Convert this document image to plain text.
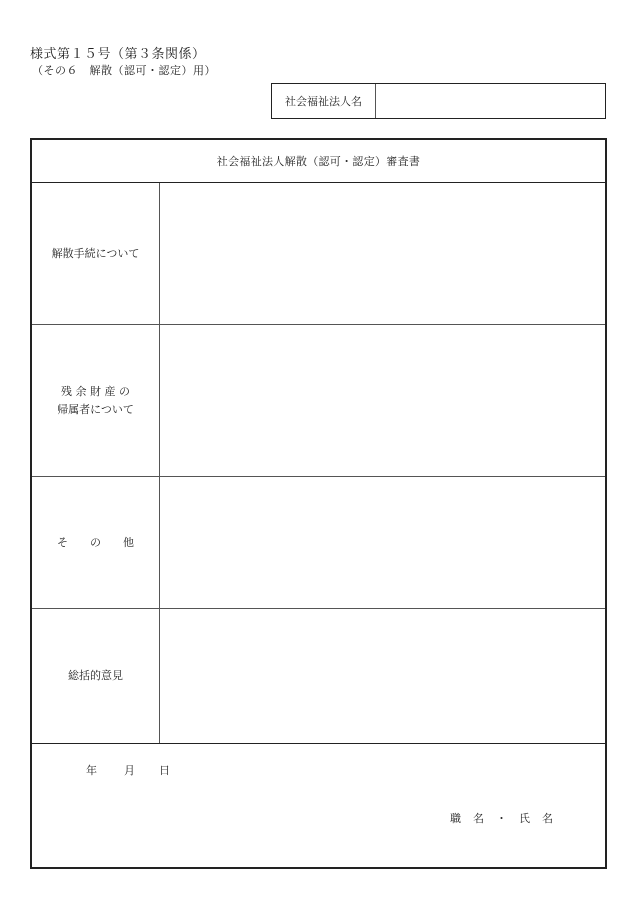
様式第１５号（第３条関係）
（その６　解散（認可・認定）用）
社会福祉法人名
社会福祉法人解散（認可・認定）審査書
解散手続について
残 余 財 産 の
帰属者について
そ　　の　　他
総括的意見
年 月 日
職名・氏名
